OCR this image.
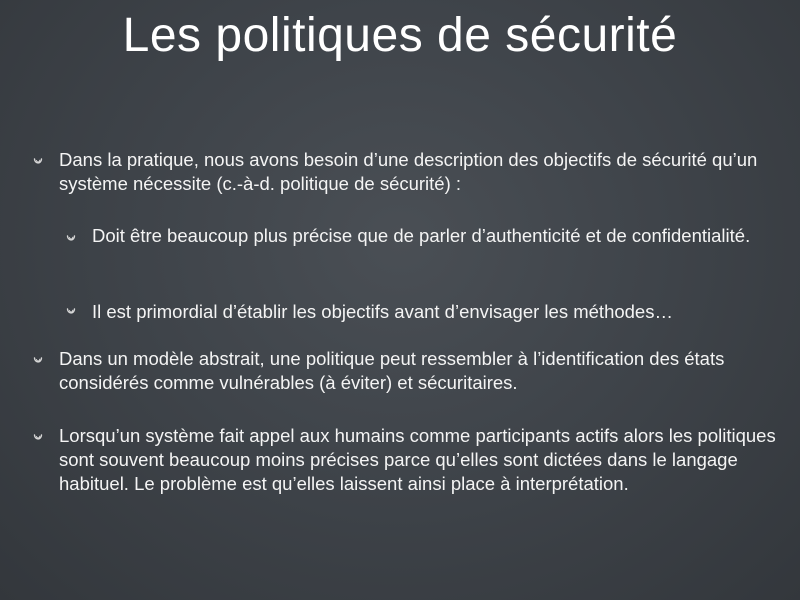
Les politiques de sécurité
Dans la pratique, nous avons besoin d’une description des objectifs de sécurité qu’un système nécessite (c.-à-d. politique de sécurité) :
Doit être beaucoup plus précise que de parler d’authenticité et de confidentialité.
Il est primordial d’établir les objectifs avant d’envisager les méthodes…
Dans un modèle abstrait, une politique peut ressembler à l’identification des états considérés comme vulnérables (à éviter) et sécuritaires.
Lorsqu’un système fait appel aux humains comme participants actifs alors les politiques sont souvent beaucoup moins précises parce qu’elles sont dictées dans le langage habituel. Le problème est qu’elles laissent ainsi place à interprétation.
